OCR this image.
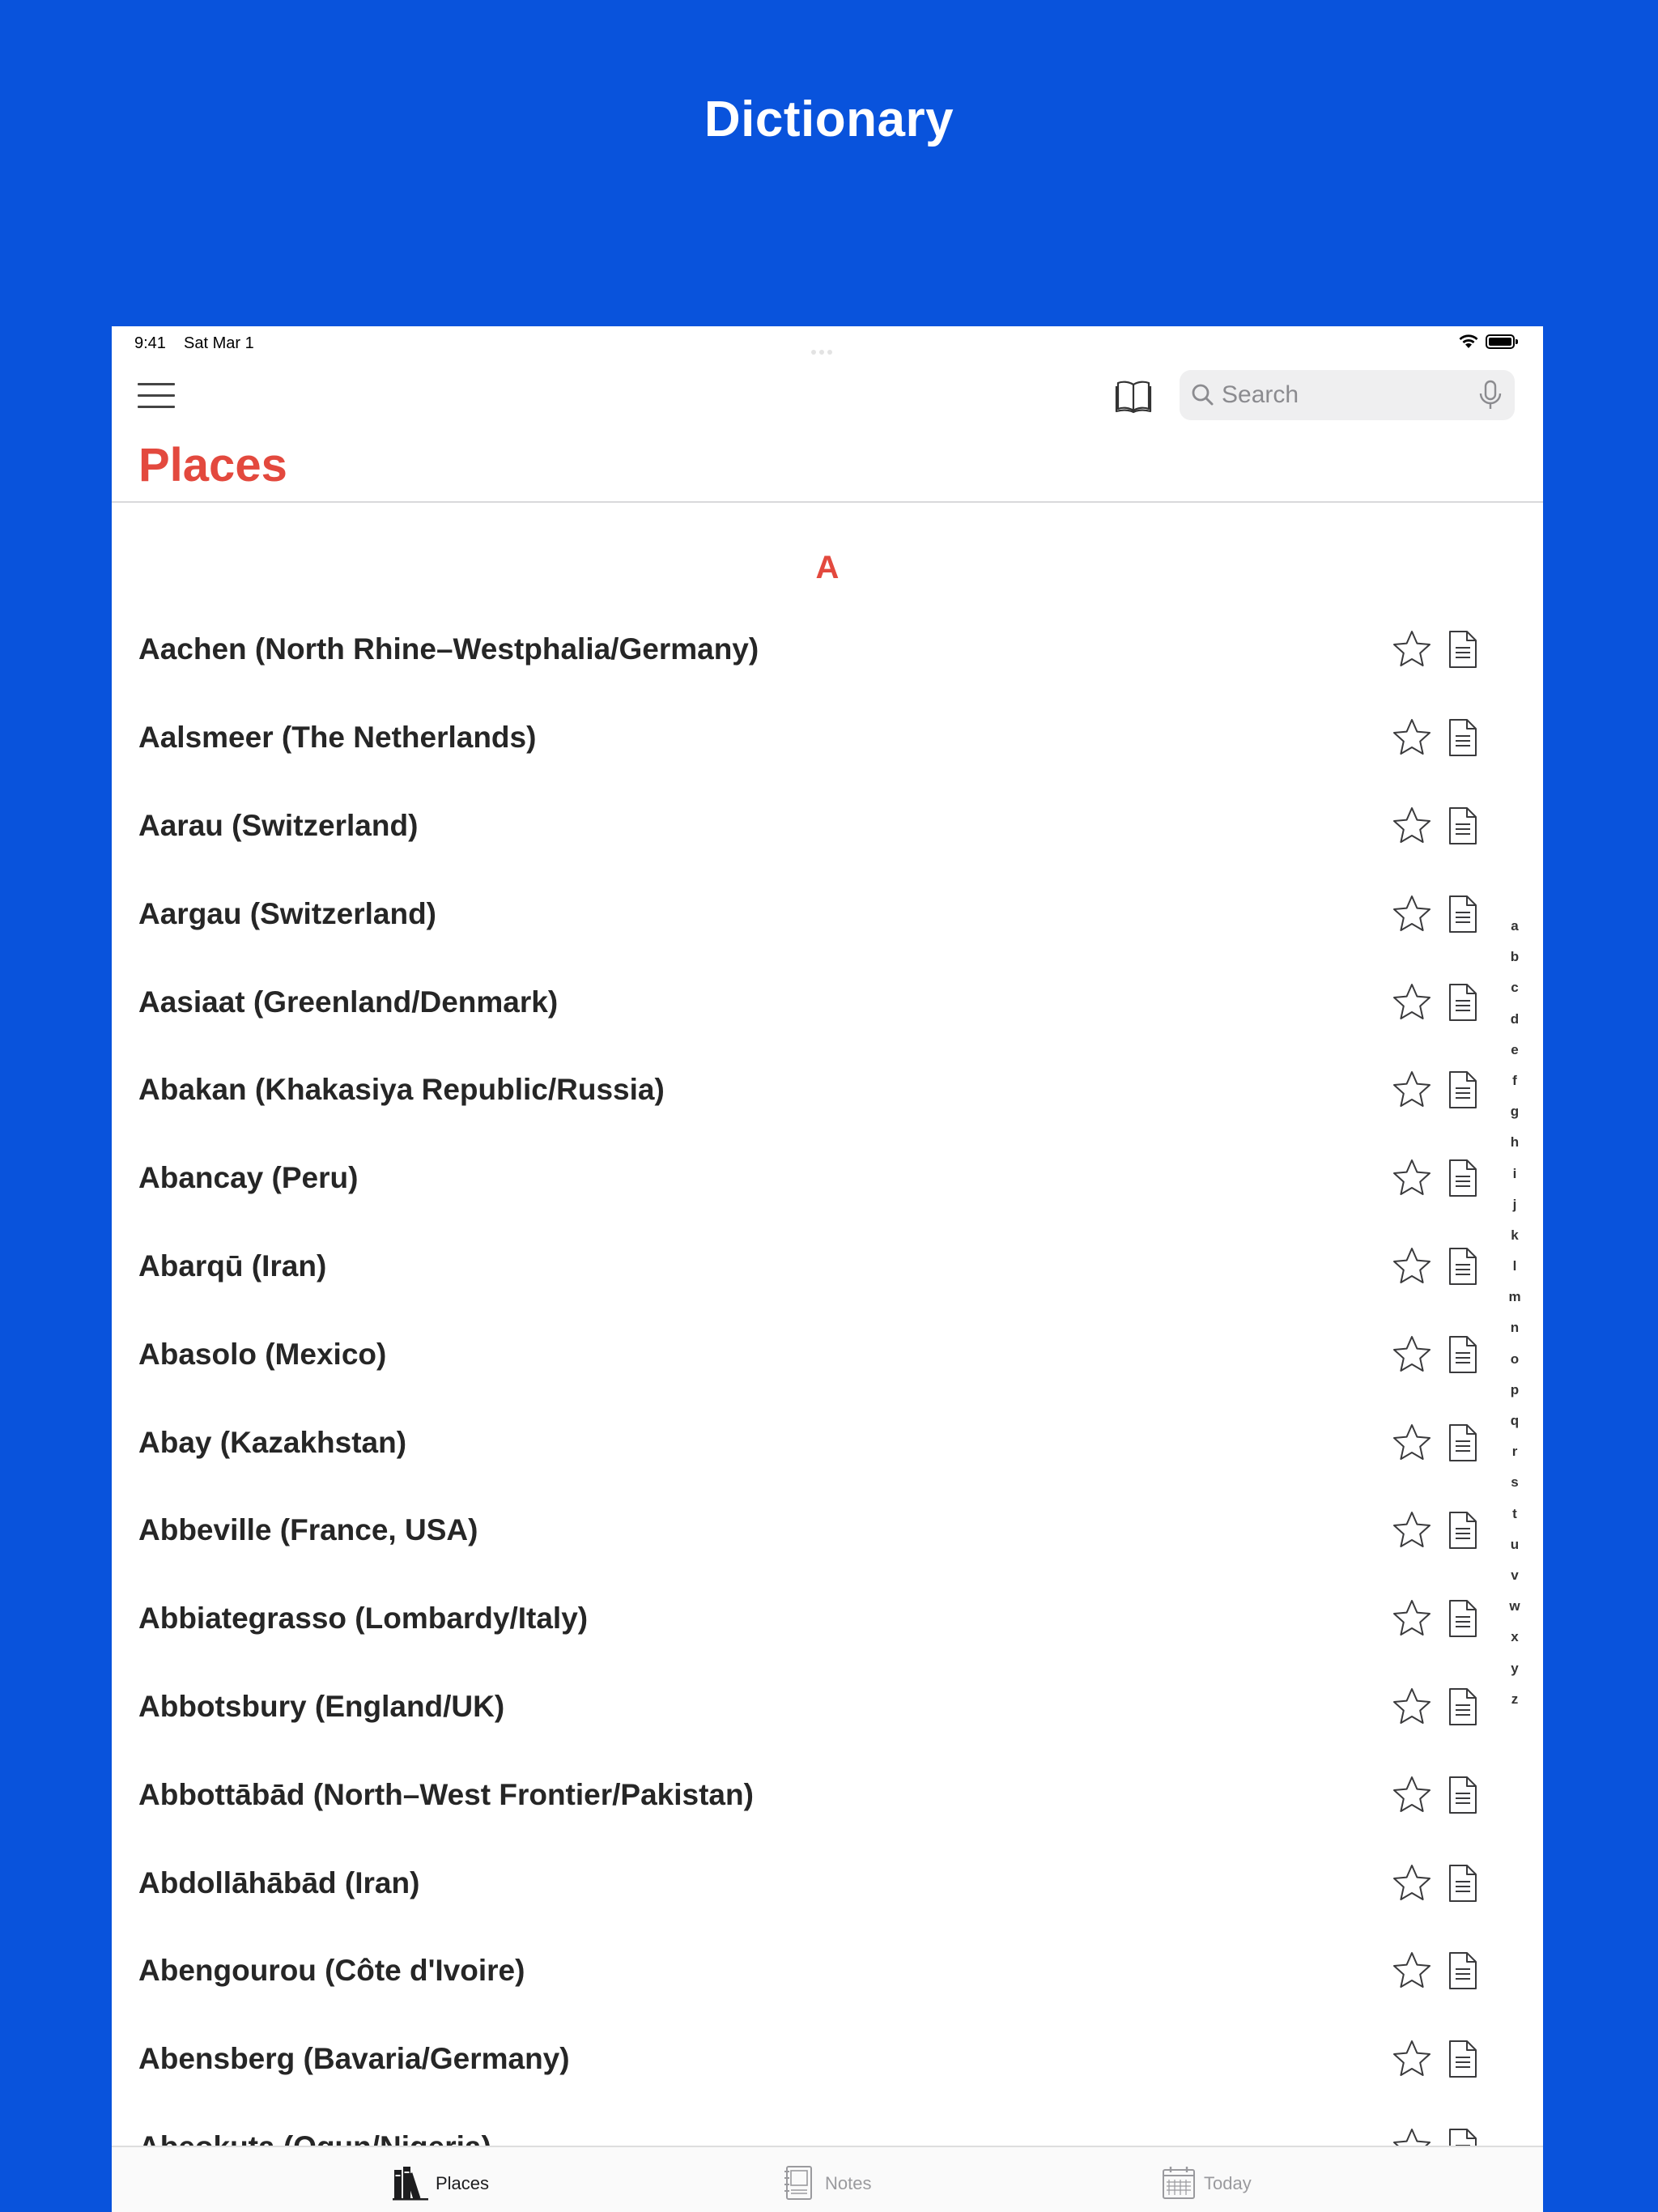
Dictionary
9:41 Sat Mar 1
Search
Places
A
Aachen (North Rhine–Westphalia/Germany)
Aalsmeer (The Netherlands)
Aarau (Switzerland)
Aargau (Switzerland)
Aasiaat (Greenland/Denmark)
Abakan (Khakasiya Republic/Russia)
Abancay (Peru)
Abarqū (Iran)
Abasolo (Mexico)
Abay (Kazakhstan)
Abbeville (France, USA)
Abbiategrasso (Lombardy/Italy)
Abbotsbury (England/UK)
Abbottābād (North–West Frontier/Pakistan)
Abdollāhābād (Iran)
Abengourou (Côte d'Ivoire)
Abensberg (Bavaria/Germany)
a
b
c
d
e
f
g
h
i
j
k
l
m
n
o
p
q
r
s
t
u
v
w
x
y
z
Places	Notes	Today
